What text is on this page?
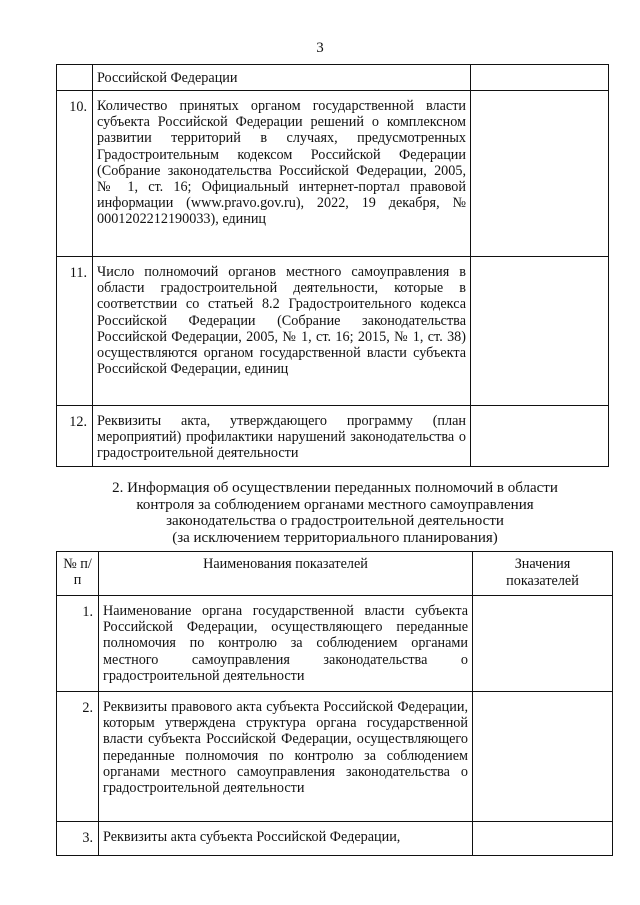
3
	Российской Федерации	
10.	Количество принятых органом государственной власти субъекта Российской Федерации решений о комплексном развитии территорий в случаях, предусмотренных Градостроительным кодексом Российской Федерации (Собрание законодательства Российской Федерации, 2005, № 1, ст. 16; Официальный интернет-портал правовой информации (www.pravo.gov.ru), 2022, 19 декабря, № 0001202212190033), единиц	
11.	Число полномочий органов местного самоуправления в области градостроительной деятельности, которые в соответствии со статьей 8.2 Градостроительного кодекса Российской Федерации (Собрание законодательства Российской Федерации, 2005, № 1, ст. 16; 2015, № 1, ст. 38) осуществляются органом государственной власти субъекта Российской Федерации, единиц	
12.	Реквизиты акта, утверждающего программу (план мероприятий) профилактики нарушений законодательства о градостроительной деятельности	
2. Информация об осуществлении переданных полномочий в области
контроля за соблюдением органами местного самоуправления
законодательства о градостроительной деятельности
(за исключением территориального планирования)
№ п/п	Наименования показателей	Значения показателей
1.	Наименование органа государственной власти субъекта Российской Федерации, осуществляющего переданные полномочия по контролю за соблюдением органами местного самоуправления законодательства о градостроительной деятельности	
2.	Реквизиты правового акта субъекта Российской Федерации, которым утверждена структура органа государственной власти субъекта Российской Федерации, осуществляющего переданные полномочия по контролю за соблюдением органами местного самоуправления законодательства о градостроительной деятельности	
3.	Реквизиты акта субъекта Российской Федерации,	
